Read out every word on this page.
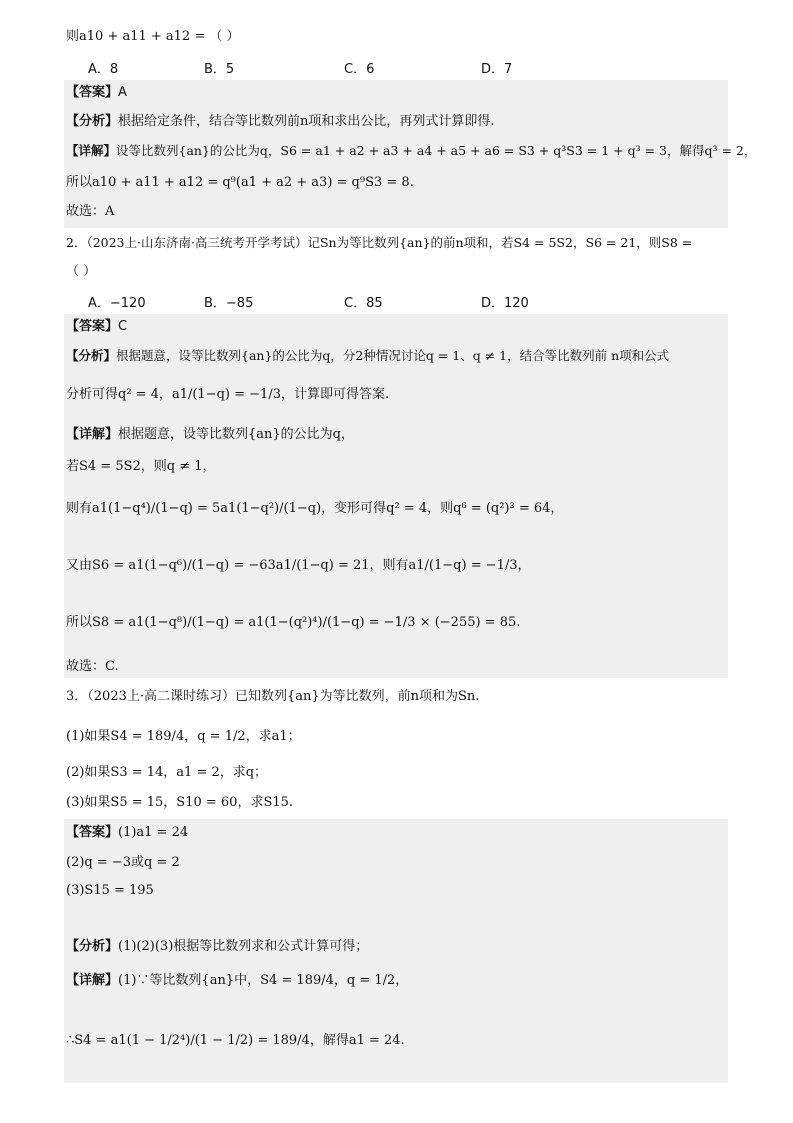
则a10 + a11 + a12 = （ ）
A．8	B．5	C．6	D．7
【答案】A
【分析】根据给定条件，结合等比数列前n项和求出公比，再列式计算即得.
【详解】设等比数列{an}的公比为q，S6 = a1 + a2 + a3 + a4 + a5 + a6 = S3 + q³S3 = 1 + q³ = 3，解得q³ = 2，
所以a10 + a11 + a12 = q⁹(a1 + a2 + a3) = q⁹S3 = 8.
故选：A
2．（2023上·山东济南·高三统考开学考试）记Sn为等比数列{an}的前n项和，若S4 = 5S2，S6 = 21，则S8 =
（ ）
A．−120	B．−85	C．85	D．120
【答案】C
【分析】根据题意，设等比数列{an}的公比为q，分2种情况讨论q = 1、q ≠ 1，结合等比数列前 n项和公式
分析可得q² = 4，a1/(1−q) = −1/3，计算即可得答案.
【详解】根据题意，设等比数列{an}的公比为q，
若S4 = 5S2，则q ≠ 1，
则有a1(1−q⁴)/(1−q) = 5a1(1−q²)/(1−q)，变形可得q² = 4，则q⁶ = (q²)³ = 64，
又由S6 = a1(1−q⁶)/(1−q) = −63a1/(1−q) = 21，则有a1/(1−q) = −1/3，
所以S8 = a1(1−q⁸)/(1−q) = a1(1−(q²)⁴)/(1−q) = −1/3 × (−255) = 85.
故选：C.
3．（2023上·高二课时练习）已知数列{an}为等比数列，前n项和为Sn.
(1)如果S4 = 189/4，q = 1/2，求a1；
(2)如果S3 = 14，a1 = 2，求q；
(3)如果S5 = 15，S10 = 60，求S15.
【答案】(1)a1 = 24
(2)q = −3或q = 2
(3)S15 = 195
【分析】(1)(2)(3)根据等比数列求和公式计算可得；
【详解】(1)∵等比数列{an}中，S4 = 189/4，q = 1/2，
∴S4 = a1(1 − 1/2⁴)/(1 − 1/2) = 189/4，解得a1 = 24.
